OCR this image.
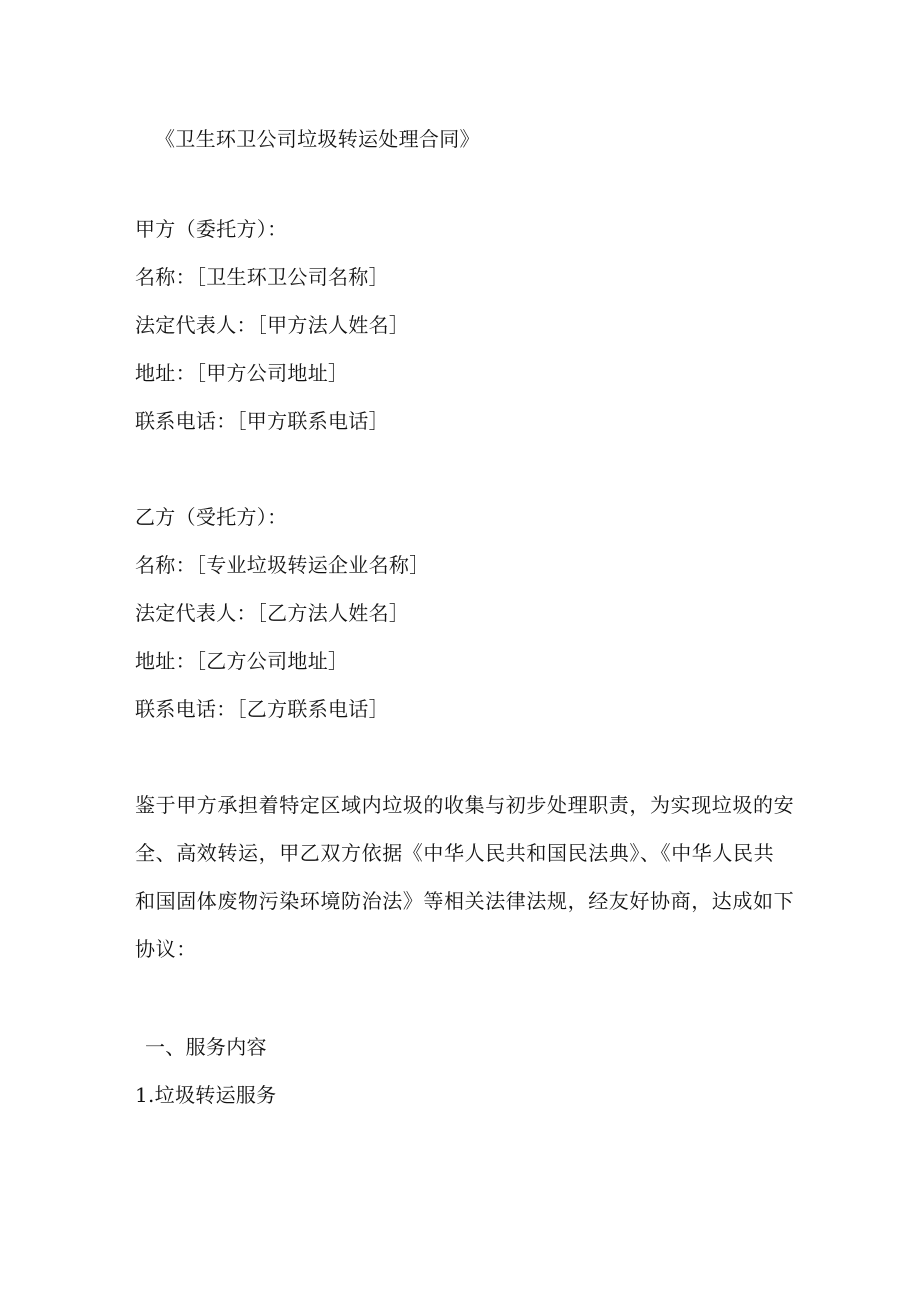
《卫生环卫公司垃圾转运处理合同》
甲方（委托方）：
名称：［卫生环卫公司名称］
法定代表人：［甲方法人姓名］
地址：［甲方公司地址］
联系电话：［甲方联系电话］
乙方（受托方）：
名称：［专业垃圾转运企业名称］
法定代表人：［乙方法人姓名］
地址：［乙方公司地址］
联系电话：［乙方联系电话］
鉴于甲方承担着特定区域内垃圾的收集与初步处理职责，为实现垃圾的安
全、高效转运，甲乙双方依据《中华人民共和国民法典》、《中华人民共
和国固体废物污染环境防治法》等相关法律法规，经友好协商，达成如下
协议：
一、服务内容
1.垃圾转运服务
